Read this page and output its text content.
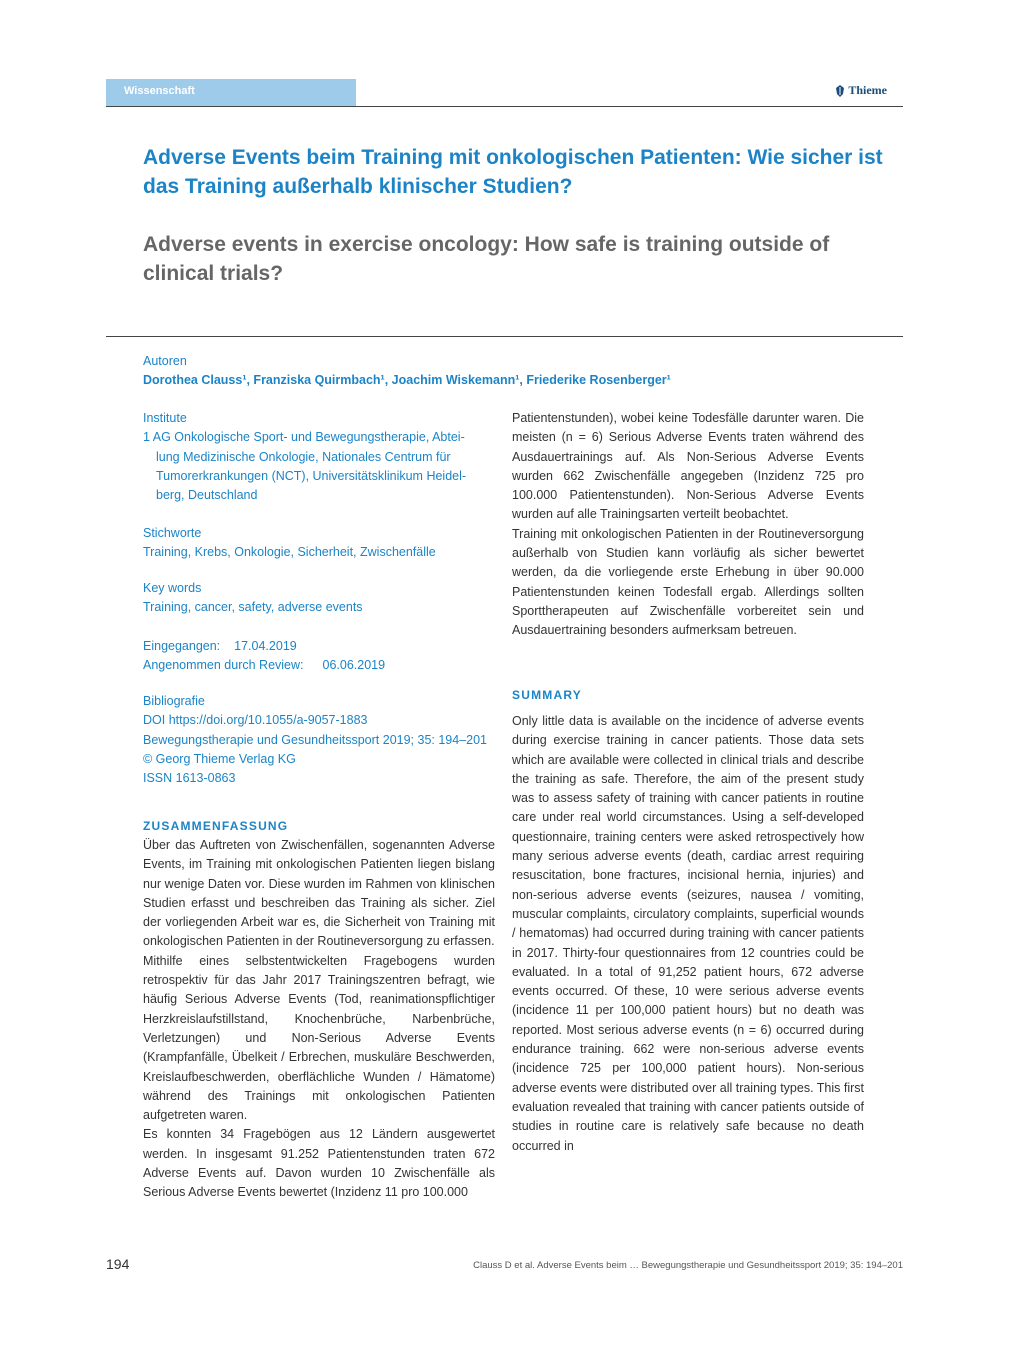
Wissenschaft	Thieme
Adverse Events beim Training mit onkologischen Patienten: Wie sicher ist das Training außerhalb klinischer Studien?
Adverse events in exercise oncology: How safe is training outside of clinical trials?
Autoren
Dorothea Clauss¹, Franziska Quirmbach¹, Joachim Wiskemann¹, Friederike Rosenberger¹
Institute
1 AG Onkologische Sport- und Bewegungstherapie, Abtei-
lung Medizinische Onkologie, Nationales Centrum für
Tumorerkrankungen (NCT), Universitätsklinikum Heidel-
berg, Deutschland
Stichworte
Training, Krebs, Onkologie, Sicherheit, Zwischenfälle
Key words
Training, cancer, safety, adverse events
Eingegangen: 17.04.2019
Angenommen durch Review: 06.06.2019
Bibliografie
DOI https://doi.org/10.1055/a-9057-1883
Bewegungstherapie und Gesundheitssport 2019; 35: 194–201
© Georg Thieme Verlag KG
ISSN 1613-0863
ZUSAMMENFASSUNG

Über das Auftreten von Zwischenfällen, sogenannten Adverse Events, im Training mit onkologischen Patienten liegen bislang nur wenige Daten vor. Diese wurden im Rahmen von klinischen Studien erfasst und beschreiben das Training als sicher. Ziel der vorliegenden Arbeit war es, die Sicherheit von Training mit onkologischen Patienten in der Routineversorgung zu erfassen.

Mithilfe eines selbstentwickelten Fragebogens wurden retrospektiv für das Jahr 2017 Trainingszentren befragt, wie häufig Serious Adverse Events (Tod, reanimationspflichtiger Herzkreislaufstillstand, Knochenbrüche, Narbenbrüche, Verletzungen) und Non-Serious Adverse Events (Krampfanfälle, Übelkeit / Erbrechen, muskuläre Beschwerden, Kreislaufbeschwerden, oberflächliche Wunden / Hämatome) während des Trainings mit onkologischen Patienten aufgetreten waren.

Es konnten 34 Fragebögen aus 12 Ländern ausgewertet werden. In insgesamt 91.252 Patientenstunden traten 672 Adverse Events auf. Davon wurden 10 Zwischenfälle als Serious Adverse Events bewertet (Inzidenz 11 pro 100.000

Patientenstunden), wobei keine Todesfälle darunter waren. Die meisten (n = 6) Serious Adverse Events traten während des Ausdauertrainings auf. Als Non-Serious Adverse Events wurden 662 Zwischenfälle angegeben (Inzidenz 725 pro 100.000 Patientenstunden). Non-Serious Adverse Events wurden auf alle Trainingsarten verteilt beobachtet.

Training mit onkologischen Patienten in der Routineversorgung außerhalb von Studien kann vorläufig als sicher bewertet werden, da die vorliegende erste Erhebung in über 90.000 Patientenstunden keinen Todesfall ergab. Allerdings sollten Sporttherapeuten auf Zwischenfälle vorbereitet sein und Ausdauertraining besonders aufmerksam betreuen.

SUMMARY

Only little data is available on the incidence of adverse events during exercise training in cancer patients. Those data sets which are available were collected in clinical trials and describe the training as safe. Therefore, the aim of the present study was to assess safety of training with cancer patients in routine care under real world circumstances. Using a self-developed questionnaire, training centers were asked retrospectively how many serious adverse events (death, cardiac arrest requiring resuscitation, bone fractures, incisional hernia, injuries) and non-serious adverse events (seizures, nausea / vomiting, muscular complaints, circulatory complaints, superficial wounds / hematomas) had occurred during training with cancer patients in 2017. Thirty-four questionnaires from 12 countries could be evaluated. In a total of 91,252 patient hours, 672 adverse events occurred. Of these, 10 were serious adverse events (incidence 11 per 100,000 patient hours) but no death was reported. Most serious adverse events (n = 6) occurred during endurance training. 662 were non-serious adverse events (incidence 725 per 100,000 patient hours). Non-serious adverse events were distributed over all training types. This first evaluation revealed that training with cancer patients outside of studies in routine care is relatively safe because no death occurred in

194	Clauss D et al. Adverse Events beim … Bewegungstherapie und Gesundheitssport 2019; 35: 194–201
